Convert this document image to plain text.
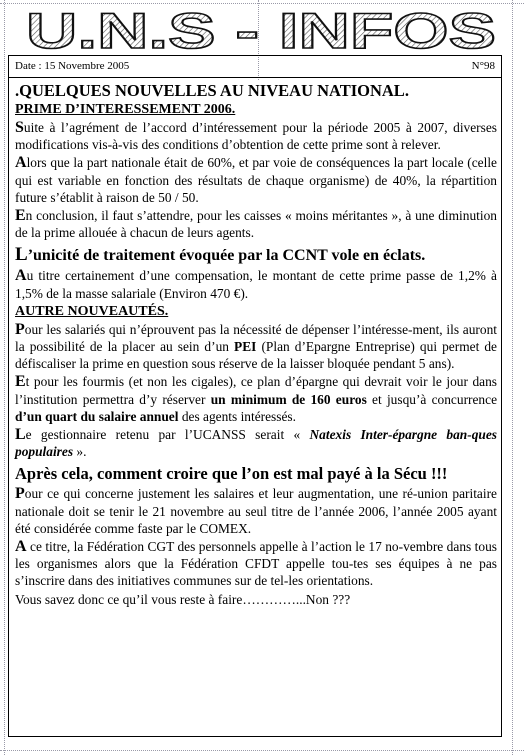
U.N.S - INFOS
Date : 15 Novembre 2005	N°98

.QUELQUES NOUVELLES AU NIVEAU NATIONAL.

PRIME D’INTERESSEMENT 2006.

Suite à l’agrément de l’accord d’intéressement pour la période 2005 à 2007, diverses modifications vis-à-vis des conditions d’obtention de cette prime sont à relever.

Alors que la part nationale était de 60%, et par voie de conséquences la part locale (celle qui est variable en fonction des résultats de chaque organisme) de 40%, la répartition future s’établit à raison de 50 / 50.

En conclusion, il faut s’attendre, pour les caisses « moins méritantes », à une diminution de la prime allouée à chacun de leurs agents.

L’unicité de traitement évoquée par la CCNT vole en éclats.

Au titre certainement d’une compensation, le montant de cette prime passe de 1,2% à 1,5% de la masse salariale (Environ 470 €).

AUTRE NOUVEAUTÉS.

Pour les salariés qui n’éprouvent pas la nécessité de dépenser l’intéresse-ment, ils auront la possibilité de la placer au sein d’un PEI (Plan d’Epargne Entreprise) qui permet de défiscaliser la prime en question sous réserve de la laisser bloquée pendant 5 ans).

Et pour les fourmis (et non les cigales), ce plan d’épargne qui devrait voir le jour dans l’institution permettra d’y réserver un minimum de 160 euros et jusqu’à concurrence d’un quart du salaire annuel des agents intéressés.

Le gestionnaire retenu par l’UCANSS serait « Natexis Inter-épargne ban-ques populaires ».

Après cela, comment croire que l’on est mal payé à la Sécu !!!

Pour ce qui concerne justement les salaires et leur augmentation, une ré-union paritaire nationale doit se tenir le 21 novembre au seul titre de l’année 2006, l’année 2005 ayant été considérée comme faste par le COMEX.

A ce titre, la Fédération CGT des personnels appelle à l’action le 17 no-vembre dans tous les organismes alors que la Fédération CFDT appelle tou-tes ses équipes à ne pas s’inscrire dans des initiatives communes sur de tel-les orientations.

Vous savez donc ce qu’il vous reste à faire…………...Non ???
